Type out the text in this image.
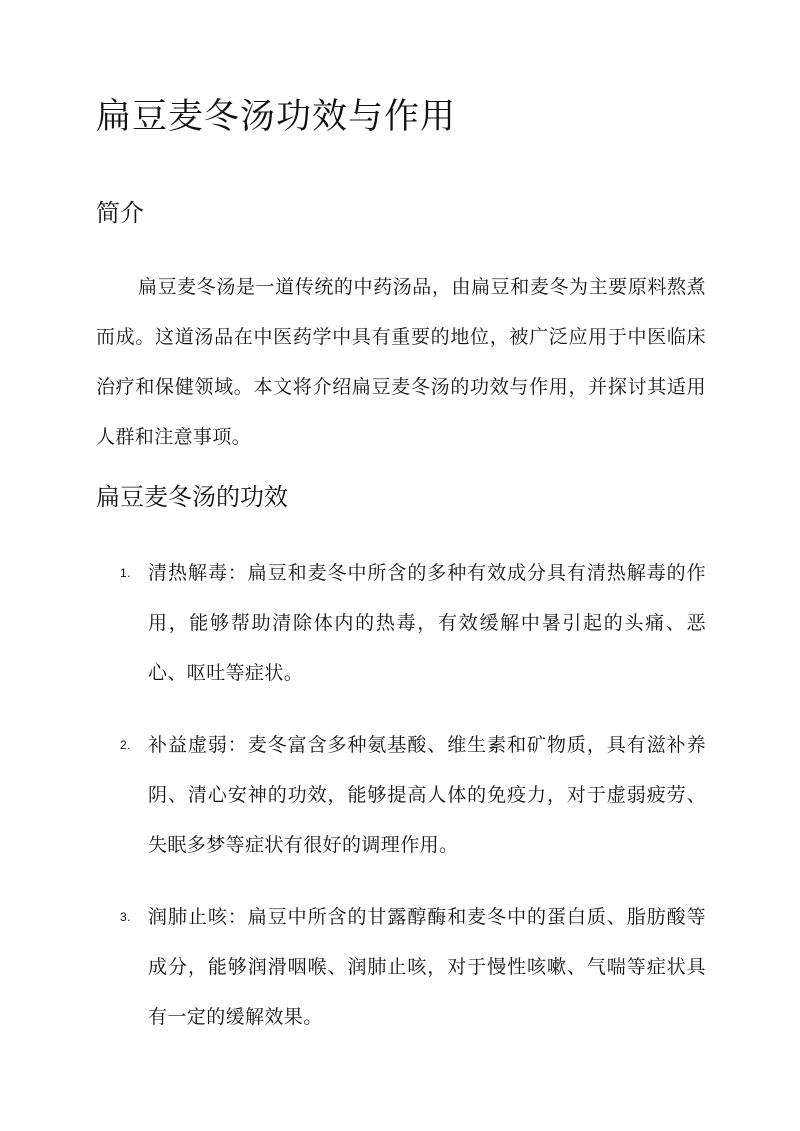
扁豆麦冬汤功效与作用
简介

扁豆麦冬汤是一道传统的中药汤品，由扁豆和麦冬为主要原料熬煮而成。这道汤品在中医药学中具有重要的地位，被广泛应用于中医临床治疗和保健领域。本文将介绍扁豆麦冬汤的功效与作用，并探讨其适用人群和注意事项。

扁豆麦冬汤的功效
1. 清热解毒：扁豆和麦冬中所含的多种有效成分具有清热解毒的作用，能够帮助清除体内的热毒，有效缓解中暑引起的头痛、恶心、呕吐等症状。
2. 补益虚弱：麦冬富含多种氨基酸、维生素和矿物质，具有滋补养阴、清心安神的功效，能够提高人体的免疫力，对于虚弱疲劳、失眠多梦等症状有很好的调理作用。
3. 润肺止咳：扁豆中所含的甘露醇酶和麦冬中的蛋白质、脂肪酸等成分，能够润滑咽喉、润肺止咳，对于慢性咳嗽、气喘等症状具有一定的缓解效果。
